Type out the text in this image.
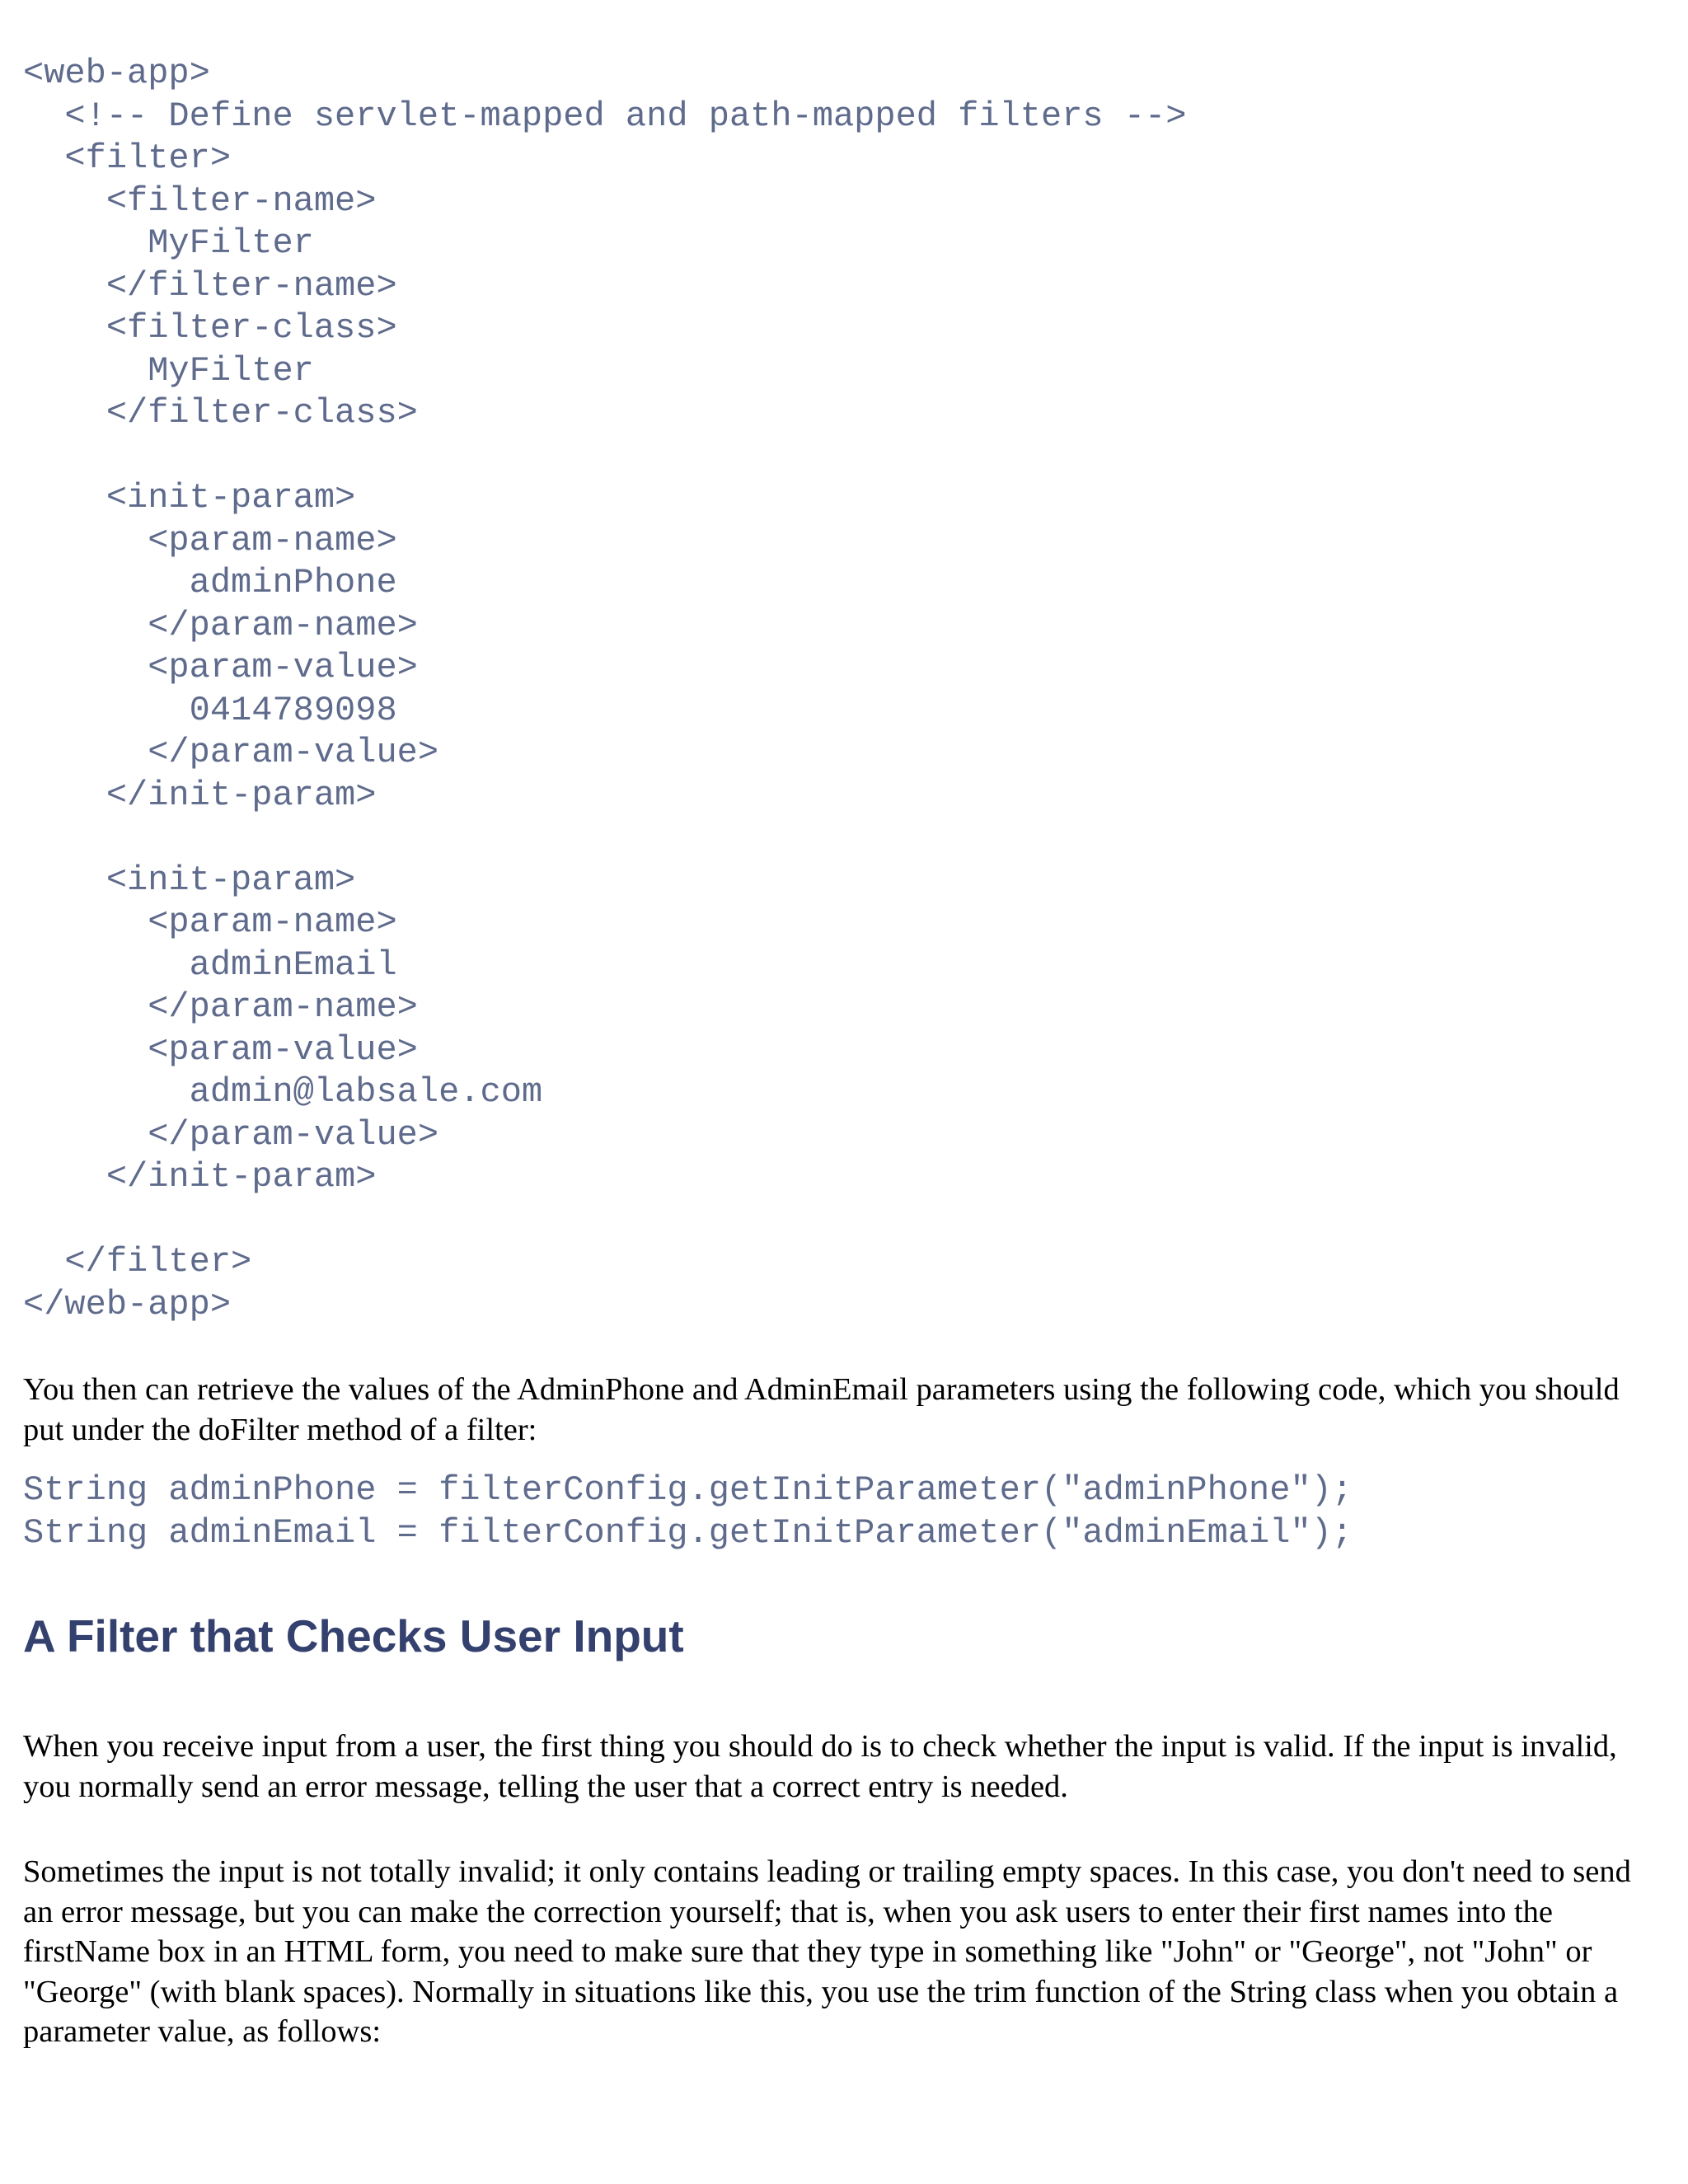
<web-app>
<!-- Define servlet-mapped and path-mapped filters -->
<filter>
<filter-name>
MyFilter
</filter-name>
<filter-class>
MyFilter
</filter-class>

<init-param>
<param-name>
adminPhone
</param-name>
<param-value>
0414789098
</param-value>
</init-param>

<init-param>
<param-name>
adminEmail
</param-name>
<param-value>
admin@labsale.com
</param-value>
</init-param>

</filter>
</web-app>

You then can retrieve the values of the AdminPhone and AdminEmail parameters using the following code, which you should put under the doFilter method of a filter:

String adminPhone = filterConfig.getInitParameter("adminPhone");
String adminEmail = filterConfig.getInitParameter("adminEmail");
A Filter that Checks User Input

When you receive input from a user, the first thing you should do is to check whether the input is valid. If the input is invalid, you normally send an error message, telling the user that a correct entry is needed.

Sometimes the input is not totally invalid; it only contains leading or trailing empty spaces. In this case, you don't need to send an error message, but you can make the correction yourself; that is, when you ask users to enter their first names into the firstName box in an HTML form, you need to make sure that they type in something like "John" or "George", not "John" or "George" (with blank spaces). Normally in situations like this, you use the trim function of the String class when you obtain a parameter value, as follows:
